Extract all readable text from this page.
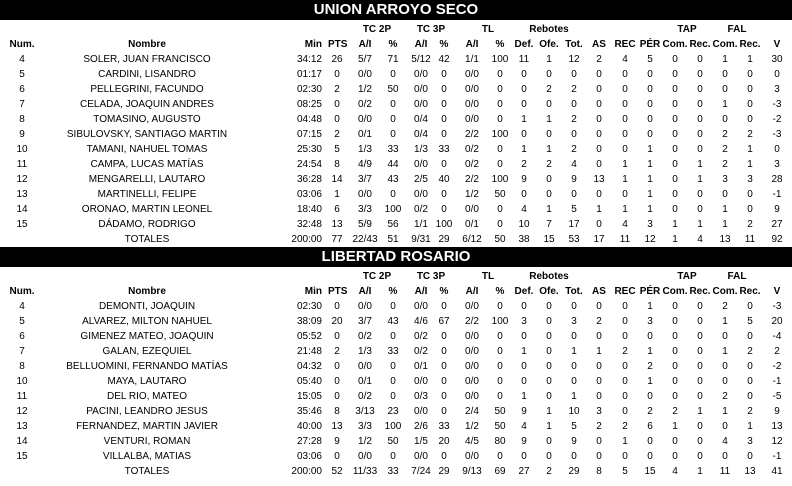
UNION ARROYO SECO
TC 2P	TC 3P	TL	Rebotes	TAP	FAL
Num.	Nombre	Min PTS	A/I	%	A/I	%	A/I	%	Def. Ofe. Tot. AS REC PÉR Com. Rec. Com. Rec.	V
4	SOLER, JUAN FRANCISCO	34:12 26	5/7	71	5/12 42	1/1	100	11	1	12	2	4	5	0	0	1	1	30
5	CARDINI, LISANDRO	01:17	0	0/0	0	0/0	0	0/0	0	0	0	0	0	0	0	0	0	0	0	0
6	PELLEGRINI, FACUNDO	02:30	2	1/2	50	0/0	0	0/0	0	0	2	2	0	0	0	0	0	0	0	3
7	CELADA, JOAQUIN ANDRES	08:25	0	0/2	0	0/0	0	0/0	0	0	0	0	0	0	0	0	0	1	0	-3
8	TOMASINO, AUGUSTO	04:48	0	0/0	0	0/4	0	0/0	0	1	1	2	0	0	0	0	0	0	0	-2
9	SIBULOVSKY, SANTIAGO MARTIN	07:15	2	0/1	0	0/4	0	2/2	100	0	0	0	0	0	0	0	0	2	2	-3
10	TAMANI, NAHUEL TOMAS	25:30	5	1/3	33	1/3	33	0/2	0	1	1	2	0	0	1	0	0	2	1	0
11	CAMPA, LUCAS MATÍAS	24:54	8	4/9	44	0/0	0	0/2	0	2	2	4	0	1	1	0	1	2	1	3
12	MENGARELLI, LAUTARO	36:28 14	3/7	43	2/5	40	2/2	100	9	0	9	13	1	1	0	1	3	3	28
13	MARTINELLI, FELIPE	03:06	1	0/0	0	0/0	0	1/2	50	0	0	0	0	0	1	0	0	0	0	-1
14	ORONAO, MARTIN LEONEL	18:40	6	3/3	100	0/2	0	0/0	0	4	1	5	1	1	1	0	0	1	0	9
15	DÁDAMO, RODRIGO	32:48 13	5/9	56	1/1 100	0/1	0	10	7	17	0	4	3	1	1	1	2	27
TOTALES	200:00 77 22/43 51	9/31 29	6/12	50	38	15	53	17	11	12	1	4	13	11	92
LIBERTAD ROSARIO
TC 2P	TC 3P	TL	Rebotes	TAP	FAL
Num.	Nombre	Min PTS	A/I	%	A/I	%	A/I	%	Def. Ofe. Tot. AS REC PÉR Com. Rec. Com. Rec.	V
4	DEMONTI, JOAQUIN	02:30	0	0/0	0	0/0	0	0/0	0	0	0	0	0	0	1	0	0	2	0	-3
5	ALVAREZ, MILTON NAHUEL	38:09 20	3/7	43	4/6	67	2/2	100	3	0	3	2	0	3	0	0	1	5	20
6	GIMENEZ MATEO, JOAQUIN	05:52	0	0/2	0	0/2	0	0/0	0	0	0	0	0	0	0	0	0	0	0	-4
7	GALAN, EZEQUIEL	21:48	2	1/3	33	0/2	0	0/0	0	1	0	1	1	2	1	0	0	1	2	2
8	BELLUOMINI, FERNANDO MATÍAS	04:32	0	0/0	0	0/1	0	0/0	0	0	0	0	0	0	2	0	0	0	0	-2
10	MAYA, LAUTARO	05:40	0	0/1	0	0/0	0	0/0	0	0	0	0	0	0	1	0	0	0	0	-1
11	DEL RIO, MATEO	15:05	0	0/2	0	0/3	0	0/0	0	1	0	1	0	0	0	0	0	2	0	-5
12	PACINI, LEANDRO JESUS	35:46	8	3/13	23	0/0	0	2/4	50	9	1	10	3	0	2	2	1	1	2	9
13	FERNANDEZ, MARTIN JAVIER	40:00 13	3/3	100	2/6	33	1/2	50	4	1	5	2	2	6	1	0	0	1	13
14	VENTURI, ROMAN	27:28	9	1/2	50	1/5	20	4/5	80	9	0	9	0	1	0	0	0	4	3	12
15	VILLALBA, MATIAS	03:06	0	0/0	0	0/0	0	0/0	0	0	0	0	0	0	0	0	0	0	0	-1
TOTALES	200:00 52	11/33	33	7/24 29	9/13	69	27	2	29	8	5	15	4	1	11	13	41
